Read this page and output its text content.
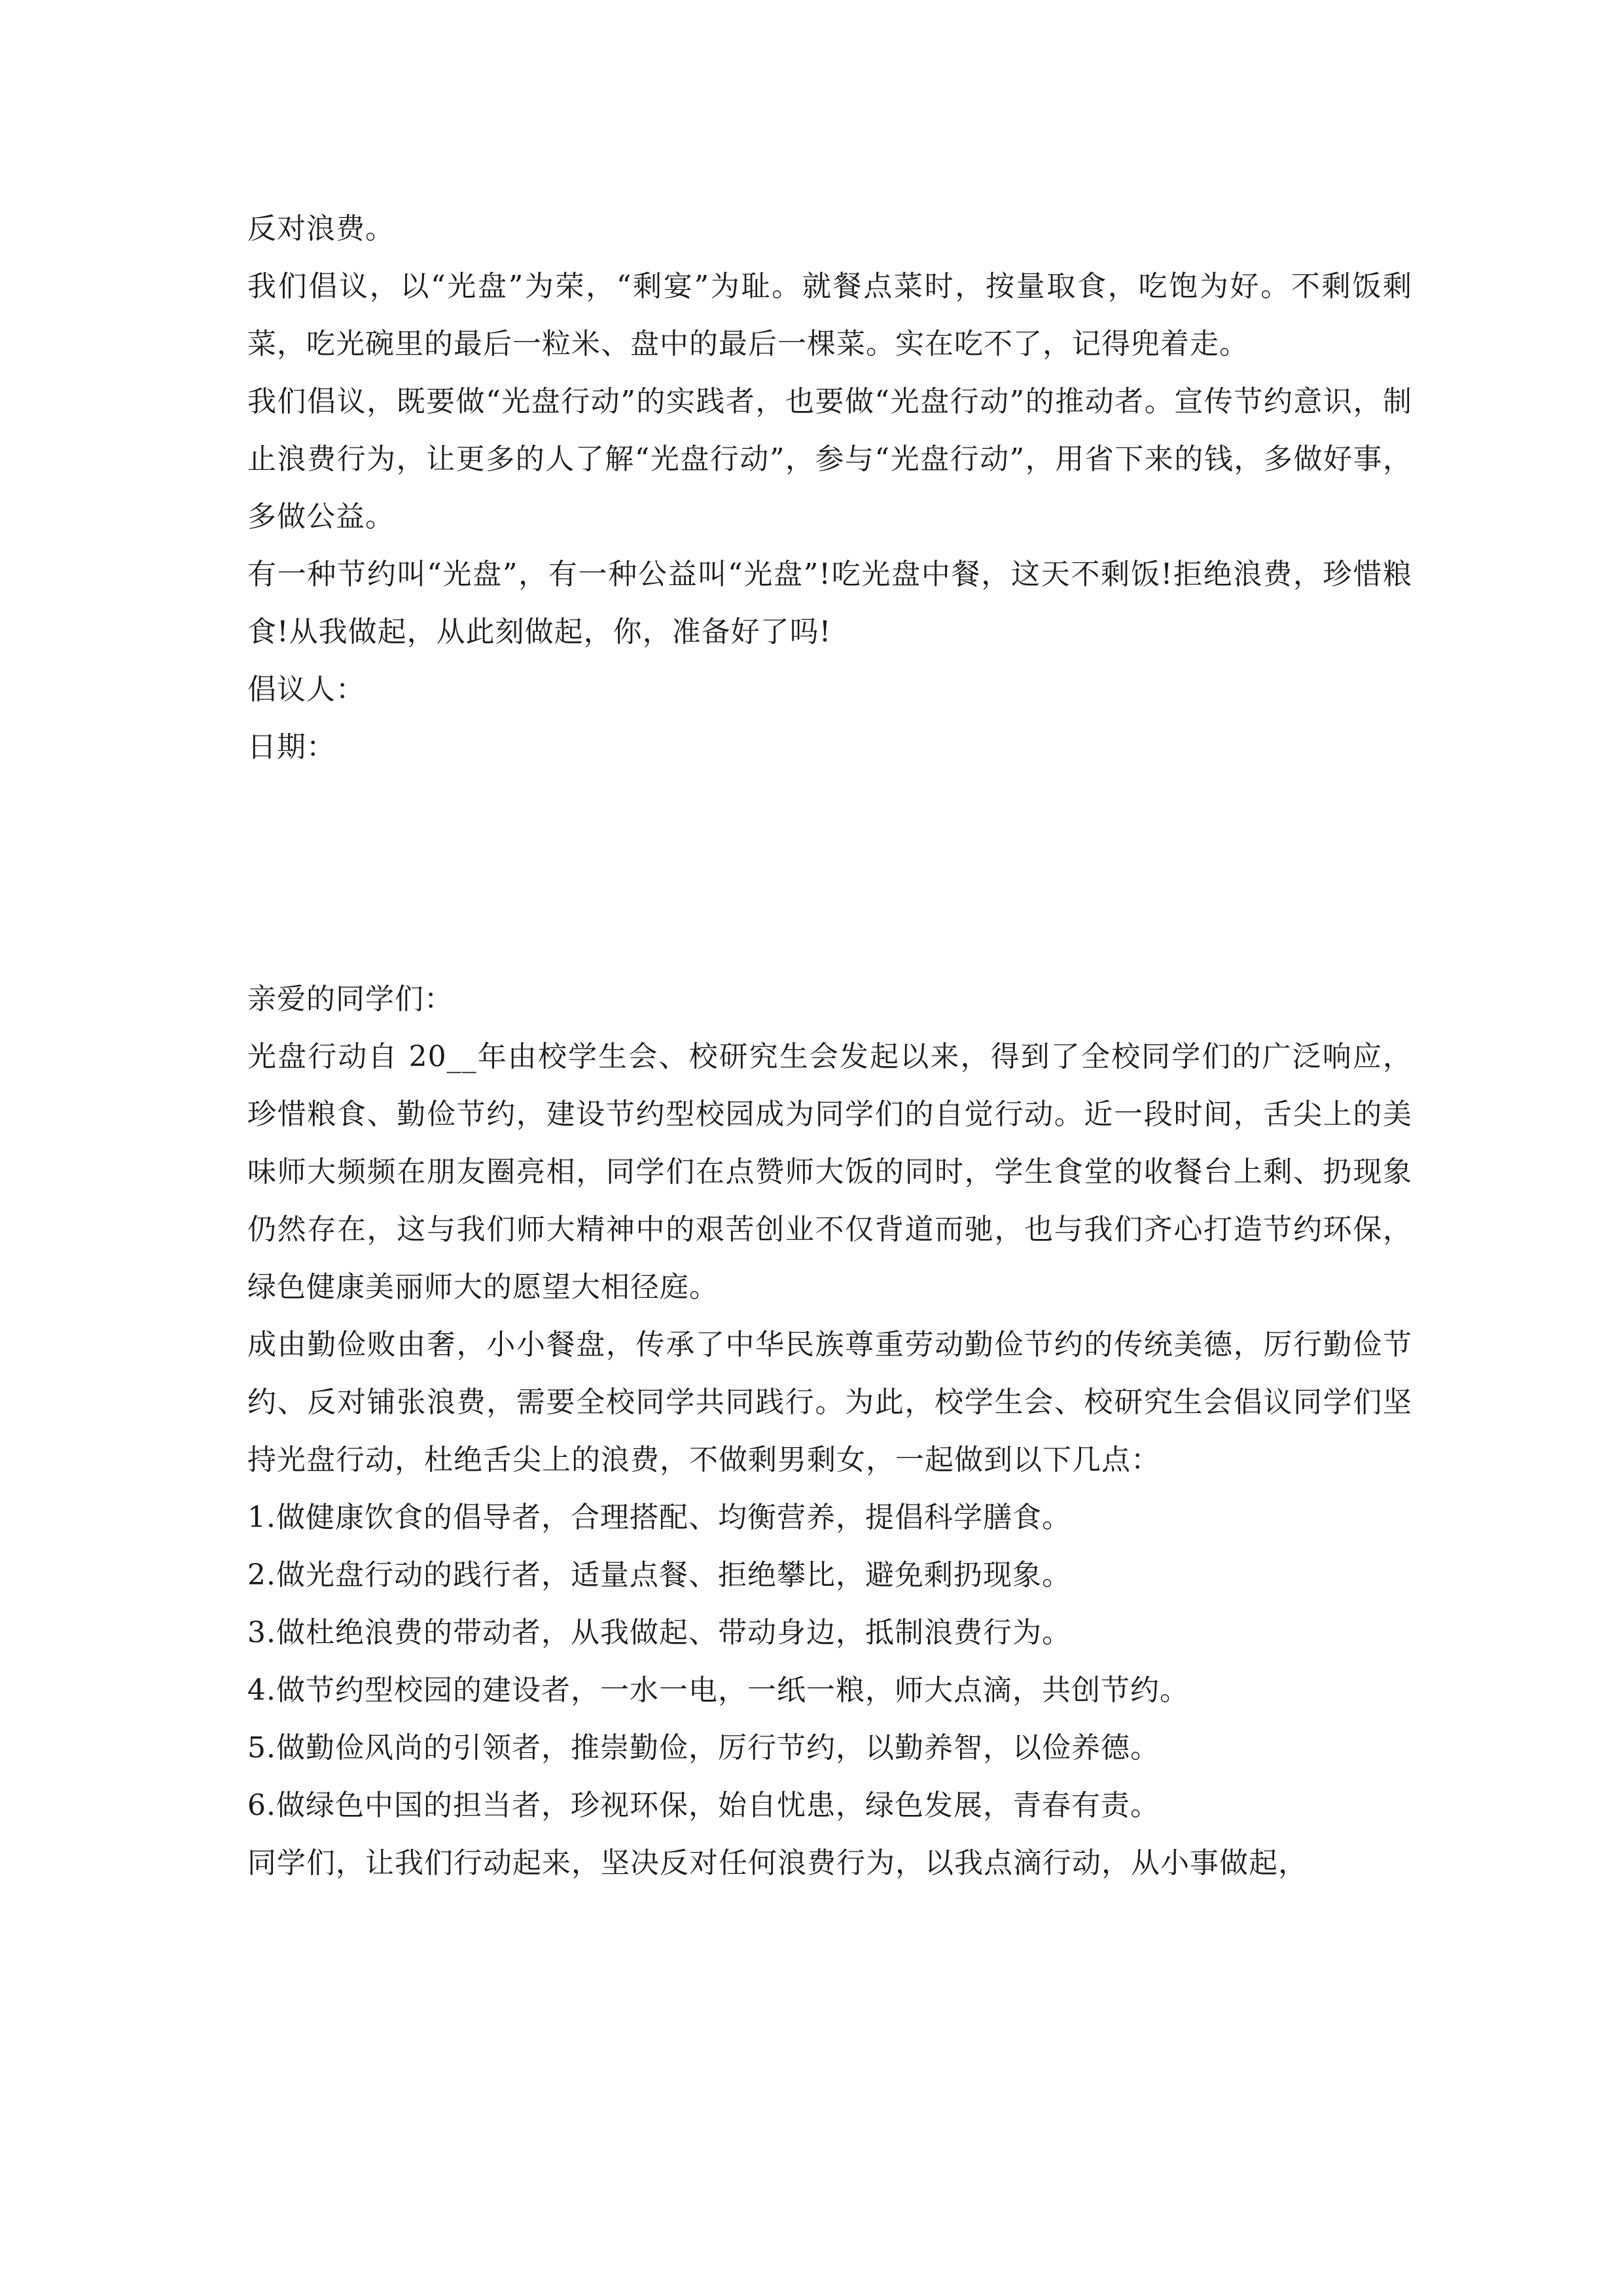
反对浪费。

我们倡议，以“光盘”为荣，“剩宴”为耻。就餐点菜时，按量取食，吃饱为好。不剩饭剩菜，吃光碗里的最后一粒米、盘中的最后一棵菜。实在吃不了，记得兜着走。

我们倡议，既要做“光盘行动”的实践者，也要做“光盘行动”的推动者。宣传节约意识，制止浪费行为，让更多的人了解“光盘行动”，参与“光盘行动”，用省下来的钱，多做好事，多做公益。

有一种节约叫“光盘”，有一种公益叫“光盘”!吃光盘中餐，这天不剩饭!拒绝浪费，珍惜粮食!从我做起，从此刻做起，你，准备好了吗!

倡议人：

日期：

亲爱的同学们：

光盘行动自 20__年由校学生会、校研究生会发起以来，得到了全校同学们的广泛响应，珍惜粮食、勤俭节约，建设节约型校园成为同学们的自觉行动。近一段时间，舌尖上的美味师大频频在朋友圈亮相，同学们在点赞师大饭的同时，学生食堂的收餐台上剩、扔现象仍然存在，这与我们师大精神中的艰苦创业不仅背道而驰，也与我们齐心打造节约环保，绿色健康美丽师大的愿望大相径庭。

成由勤俭败由奢，小小餐盘，传承了中华民族尊重劳动勤俭节约的传统美德，厉行勤俭节约、反对铺张浪费，需要全校同学共同践行。为此，校学生会、校研究生会倡议同学们坚持光盘行动，杜绝舌尖上的浪费，不做剩男剩女，一起做到以下几点：

1.做健康饮食的倡导者，合理搭配、均衡营养，提倡科学膳食。

2.做光盘行动的践行者，适量点餐、拒绝攀比，避免剩扔现象。

3.做杜绝浪费的带动者，从我做起、带动身边，抵制浪费行为。

4.做节约型校园的建设者，一水一电，一纸一粮，师大点滴，共创节约。

5.做勤俭风尚的引领者，推崇勤俭，厉行节约，以勤养智，以俭养德。

6.做绿色中国的担当者，珍视环保，始自忧患，绿色发展，青春有责。

同学们，让我们行动起来，坚决反对任何浪费行为，以我点滴行动，从小事做起，
